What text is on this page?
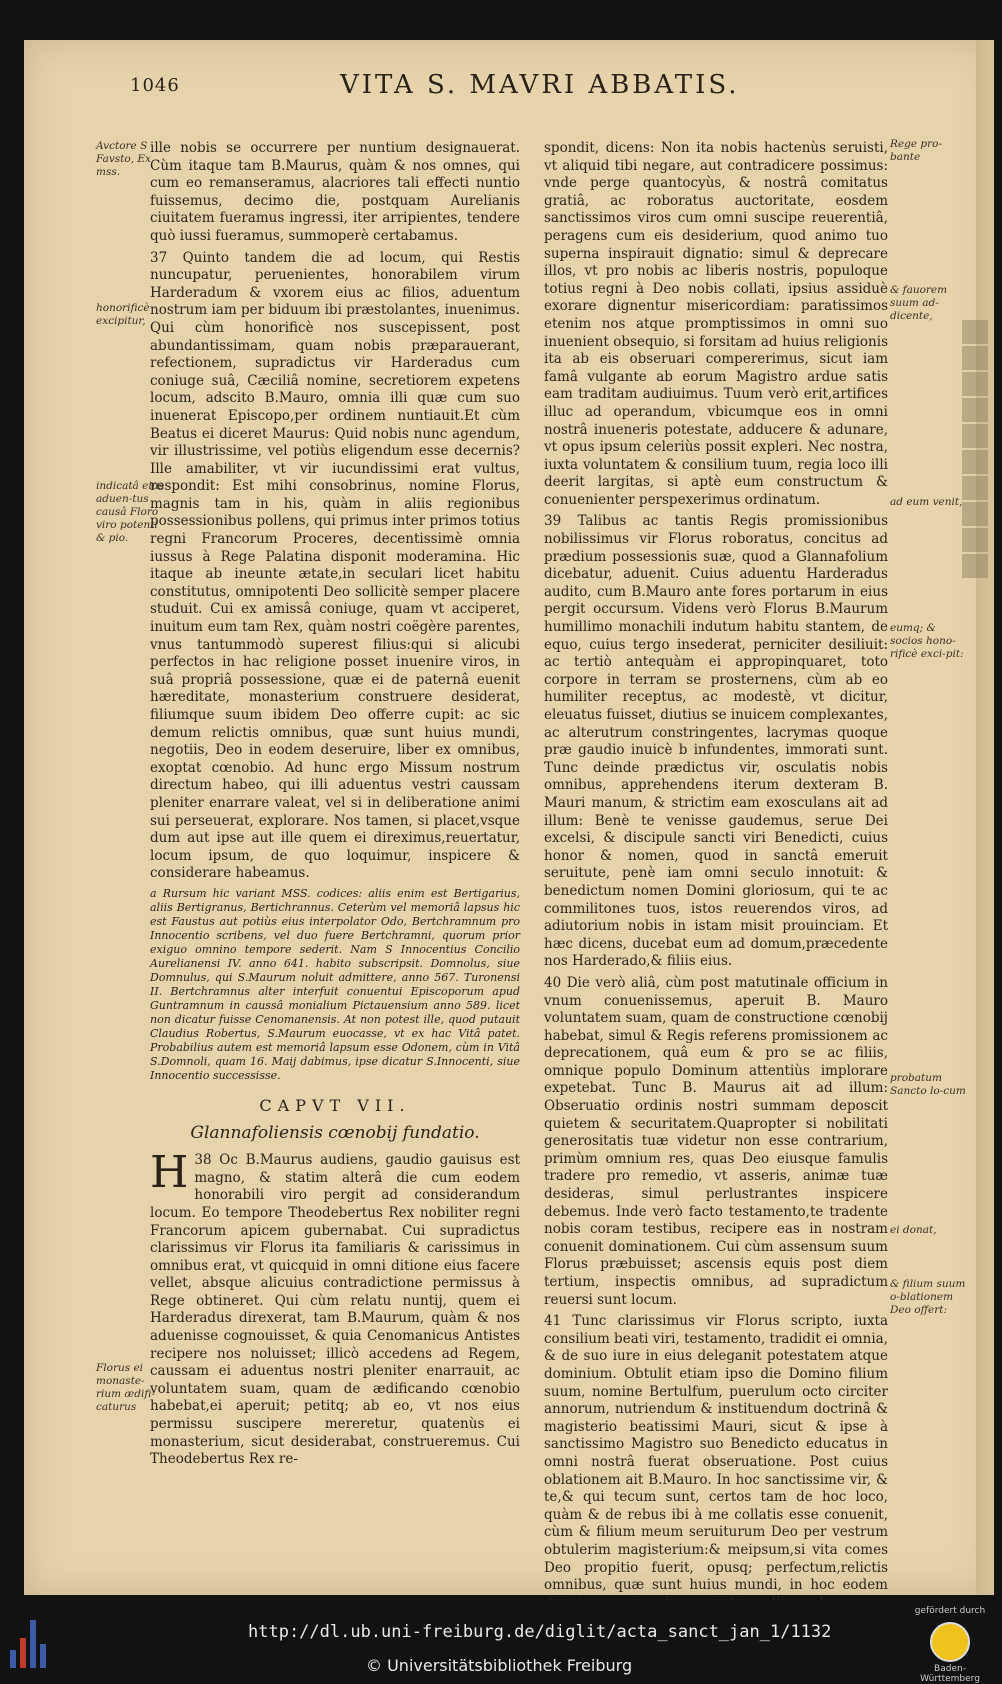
1046	VITA S. MAVRI ABBATIS.
Avctore S Favsto, Ex mss.
honorificè excipitur,
indicatâ eius aduen-tus causâ Floro viro potenti & pio.
Florus ei monaste-rium ædifi-caturus
Rege pro-bante
& fauorem suum ad-dicente,
ad eum venit,
eumq; & socios hono-rificè exci-pit:
probatum Sancto lo-cum
ei donat,
& filium suum o-blationem Deo offert:

ille nobis se occurrere per nuntium designauerat. Cùm itaque tam B.Maurus, quàm & nos omnes, qui cum eo remanseramus, alacriores tali effecti nuntio fuissemus, decimo die, postquam Aurelianis ciuitatem fueramus ingressi, iter arripientes, tendere quò iussi fueramus, summoperè certabamus.

37 Quinto tandem die ad locum, qui Restis nuncupatur, peruenientes, honorabilem virum Harderadum & vxorem eius ac filios, aduentum nostrum iam per biduum ibi præstolantes, inuenimus. Qui cùm honorificè nos suscepissent, post abundantissimam, quam nobis præparauerant, refectionem, supradictus vir Harderadus cum coniuge suâ, Cæciliâ nomine, secretiorem expetens locum, adscito B.Mauro, omnia illi quæ cum suo inuenerat Episcopo,per ordinem nuntiauit.Et cùm Beatus ei diceret Maurus: Quid nobis nunc agendum, vir illustrissime, vel potiùs eligendum esse decernis? Ille amabiliter, vt vir iucundissimi erat vultus, respondit: Est mihi consobrinus, nomine Florus, magnis tam in his, quàm in aliis regionibus possessionibus pollens, qui primus inter primos totius regni Francorum Proceres, decentissimè omnia iussus à Rege Palatina disponit moderamina. Hic itaque ab ineunte ætate,in seculari licet habitu constitutus, omnipotenti Deo sollicitè semper placere studuit. Cui ex amissâ coniuge, quam vt acciperet, inuitum eum tam Rex, quàm nostri coëgère parentes, vnus tantummodò superest filius:qui si alicubi perfectos in hac religione posset inuenire viros, in suâ propriâ possessione, quæ ei de paternâ euenit hæreditate, monasterium construere desiderat, filiumque suum ibidem Deo offerre cupit: ac sic demum relictis omnibus, quæ sunt huius mundi, negotiis, Deo in eodem deseruire, liber ex omnibus, exoptat cœnobio. Ad hunc ergo Missum nostrum directum habeo, qui illi aduentus vestri caussam pleniter enarrare valeat, vel si in deliberatione animi sui perseuerat, explorare. Nos tamen, si placet,vsque dum aut ipse aut ille quem ei direximus,reuertatur, locum ipsum, de quo loquimur, inspicere & considerare habeamus.

a Rursum hic variant MSS. codices: aliis enim est Bertigarius, aliis Bertigranus, Bertichrannus. Ceterùm vel memoriâ lapsus hic est Faustus aut potiùs eius interpolator Odo, Bertchramnum pro Innocentio scribens, vel duo fuere Bertchramni, quorum prior exiguo omnino tempore sederit. Nam S Innocentius Concilio Aurelianensi IV. anno 641. habito subscripsit. Domnolus, siue Domnulus, qui S.Maurum noluit admittere, anno 567. Turonensi II. Bertchramnus alter interfuit conuentui Episcoporum apud Guntramnum in caussâ monialium Pictauensium anno 589. licet non dicatur fuisse Cenomanensis. At non potest ille, quod putauit Claudius Robertus, S.Maurum euocasse, vt ex hac Vitâ patet. Probabilius autem est memoriâ lapsum esse Odonem, cùm in Vitâ S.Domnoli, quam 16. Maij dabimus, ipse dicatur S.Innocenti, siue Innocentio successisse.

CAPVT VII.
Glannafoliensis cœnobij fundatio.

H 38 Oc B.Maurus audiens, gaudio gauisus est magno, & statim alterâ die cum eodem honorabili viro pergit ad considerandum locum. Eo tempore Theodebertus Rex nobiliter regni Francorum apicem gubernabat. Cui supradictus clarissimus vir Florus ita familiaris & carissimus in omnibus erat, vt quicquid in omni ditione eius facere vellet, absque alicuius contradictione permissus à Rege obtineret. Qui cùm relatu nuntij, quem ei Harderadus direxerat, tam B.Maurum, quàm & nos aduenisse cognouisset, & quia Cenomanicus Antistes recipere nos noluisset; illicò accedens ad Regem, caussam ei aduentus nostri pleniter enarrauit, ac voluntatem suam, quam de ædificando cœnobio habebat,ei aperuit; petitq; ab eo, vt nos eius permissu suscipere mereretur, quatenùs ei monasterium, sicut desiderabat, construeremus. Cui Theodebertus Rex re-

spondit, dicens: Non ita nobis hactenùs seruisti, vt aliquid tibi negare, aut contradicere possimus: vnde perge quantocyùs, & nostrâ comitatus gratiâ, ac roboratus auctoritate, eosdem sanctissimos viros cum omni suscipe reuerentiâ, peragens cum eis desiderium, quod animo tuo superna inspirauit dignatio: simul & deprecare illos, vt pro nobis ac liberis nostris, populoque totius regni à Deo nobis collati, ipsius assiduè exorare dignentur misericordiam: paratissimos etenim nos atque promptissimos in omni suo inuenient obsequio, si forsitam ad huius religionis ita ab eis obseruari compererimus, sicut iam famâ vulgante ab eorum Magistro ardue satis eam traditam audiuimus. Tuum verò erit,artifices illuc ad operandum, vbicumque eos in omni nostrâ inueneris potestate, adducere & adunare, vt opus ipsum celeriùs possit expleri. Nec nostra, iuxta voluntatem & consilium tuum, regia loco illi deerit largitas, si aptè eum constructum & conuenienter perspexerimus ordinatum.

39 Talibus ac tantis Regis promissionibus nobilissimus vir Florus roboratus, concitus ad prædium possessionis suæ, quod a Glannafolium dicebatur, aduenit. Cuius aduentu Harderadus audito, cum B.Mauro ante fores portarum in eius pergit occursum. Videns verò Florus B.Maurum humillimo monachili indutum habitu stantem, de equo, cuius tergo insederat, perniciter desiliuit: ac tertiò antequàm ei appropinquaret, toto corpore in terram se prosternens, cùm ab eo humiliter receptus, ac modestè, vt dicitur, eleuatus fuisset, diutius se inuicem complexantes, ac alterutrum constringentes, lacrymas quoque præ gaudio inuicè b infundentes, immorati sunt. Tunc deinde prædictus vir, osculatis nobis omnibus, apprehendens iterum dexteram B. Mauri manum, & strictim eam exosculans ait ad illum: Benè te venisse gaudemus, serue Dei excelsi, & discipule sancti viri Benedicti, cuius honor & nomen, quod in sanctâ emeruit seruitute, penè iam omni seculo innotuit: & benedictum nomen Domini gloriosum, qui te ac commilitones tuos, istos reuerendos viros, ad adiutorium nobis in istam misit prouinciam. Et hæc dicens, ducebat eum ad domum,præcedente nos Harderado,& filiis eius.

40 Die verò aliâ, cùm post matutinale officium in vnum conuenissemus, aperuit B. Mauro voluntatem suam, quam de constructione cœnobij habebat, simul & Regis referens promissionem ac deprecationem, quâ eum & pro se ac filiis, omnique populo Dominum attentiùs implorare expetebat. Tunc B. Maurus ait ad illum: Obseruatio ordinis nostri summam deposcit quietem & securitatem.Quapropter si nobilitati generositatis tuæ videtur non esse contrarium, primùm omnium res, quas Deo eiusque famulis tradere pro remedio, vt asseris, animæ tuæ desideras, simul perlustrantes inspicere debemus. Inde verò facto testamento,te tradente nobis coram testibus, recipere eas in nostram conuenit dominationem. Cui cùm assensum suum Florus præbuisset; ascensis equis post diem tertium, inspectis omnibus, ad supradictum reuersi sunt locum.

41 Tunc clarissimus vir Florus scripto, iuxta consilium beati viri, testamento, tradidit ei omnia, & de suo iure in eius deleganit potestatem atque dominium. Obtulit etiam ipso die Domino filium suum, nomine Bertulfum, puerulum octo circiter annorum, nutriendum & instituendum doctrinâ & magisterio beatissimi Mauri, sicut & ipse à sanctissimo Magistro suo Benedicto educatus in omni nostrâ fuerat obseruatione. Post cuius oblationem ait B.Mauro. In hoc sanctissime vir, & te,& qui tecum sunt, certos tam de hoc loco, quàm & de rebus ibi à me collatis esse conuenit, cùm & filium meum seruiturum Deo per vestrum obtulerim magisterium:& meipsum,si vita comes Deo propitio fuerit, opusq; perfectum,relictis omnibus, quæ sunt huius mundi, in hoc eodem

http://dl.ub.uni-freiburg.de/diglit/acta_sanct_jan_1/1132
© Universitätsbibliothek Freiburg
gefördert durch
Baden-Württemberg
